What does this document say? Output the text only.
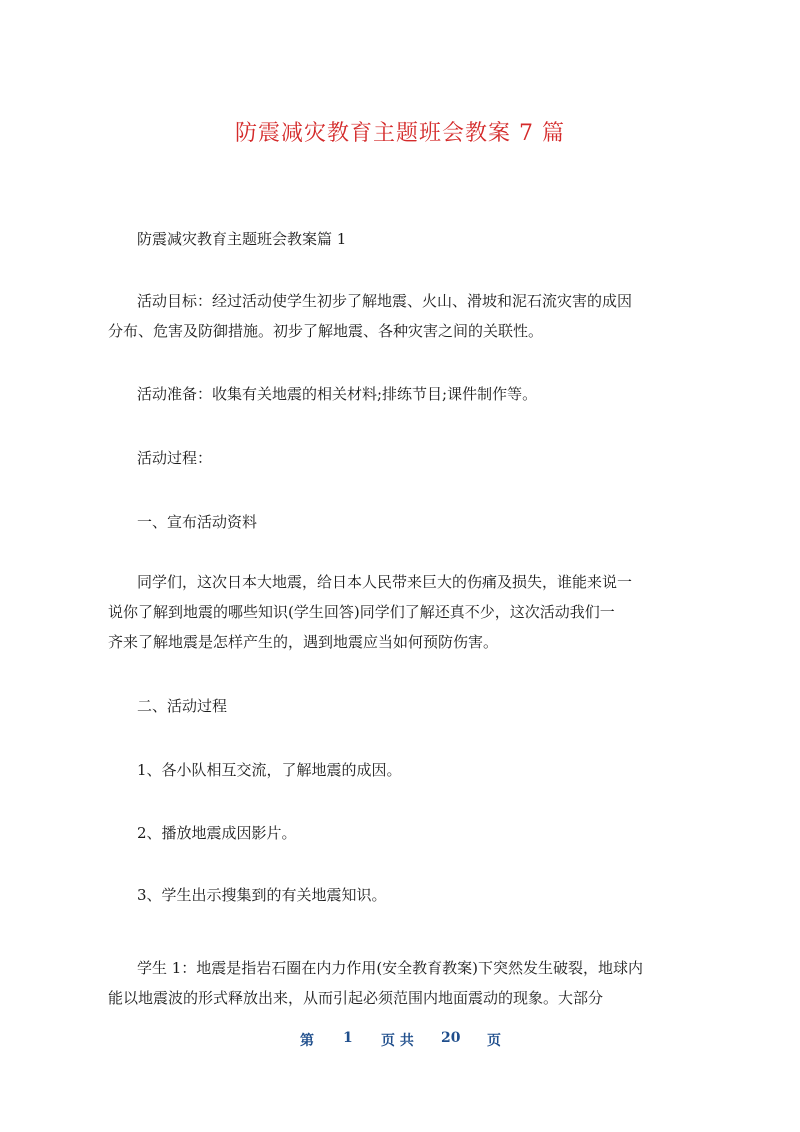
防震减灾教育主题班会教案 7 篇
防震减灾教育主题班会教案篇 1
活动目标：经过活动使学生初步了解地震、火山、滑坡和泥石流灾害的成因
分布、危害及防御措施。初步了解地震、各种灾害之间的关联性。
活动准备：收集有关地震的相关材料;排练节目;课件制作等。
活动过程：
一、宣布活动资料
同学们，这次日本大地震，给日本人民带来巨大的伤痛及损失，谁能来说一
说你了解到地震的哪些知识(学生回答)同学们了解还真不少，这次活动我们一
齐来了解地震是怎样产生的，遇到地震应当如何预防伤害。
二、活动过程
1、各小队相互交流，了解地震的成因。
2、播放地震成因影片。
3、学生出示搜集到的有关地震知识。
学生 1：地震是指岩石圈在内力作用(安全教育教案)下突然发生破裂，地球内
能以地震波的形式释放出来，从而引起必须范围内地面震动的现象。大部分
第 1 页 共 20 页
